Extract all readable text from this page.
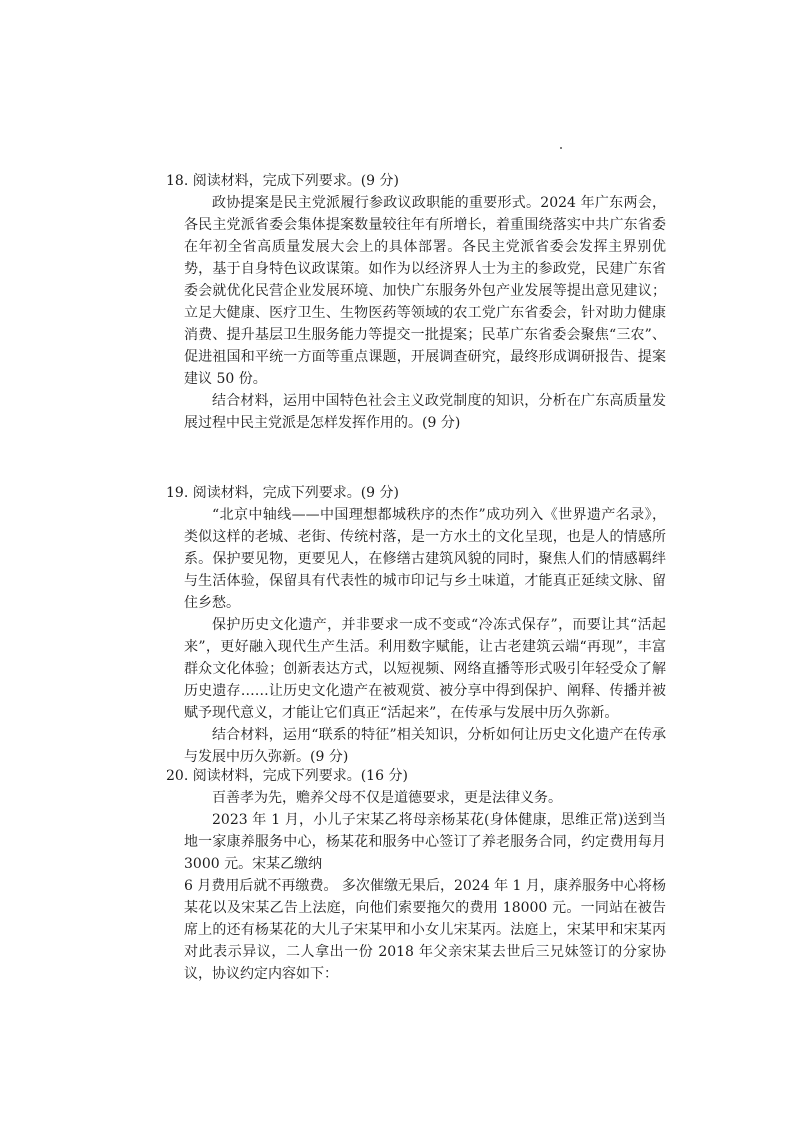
18. 阅读材料，完成下列要求。(9 分)

政协提案是民主党派履行参政议政职能的重要形式。2024 年广东两会，各民主党派省委会集体提案数量较往年有所增长，着重围绕落实中共广东省委在年初全省高质量发展大会上的具体部署。各民主党派省委会发挥主界别优势，基于自身特色议政谋策。如作为以经济界人士为主的参政党，民建广东省委会就优化民营企业发展环境、加快广东服务外包产业发展等提出意见建议；立足大健康、医疗卫生、生物医药等领域的农工党广东省委会，针对助力健康消费、提升基层卫生服务能力等提交一批提案；民革广东省委会聚焦“三农”、促进祖国和平统一方面等重点课题，开展调查研究，最终形成调研报告、提案建议 50 份。

结合材料，运用中国特色社会主义政党制度的知识，分析在广东高质量发展过程中民主党派是怎样发挥作用的。(9 分)

19. 阅读材料，完成下列要求。(9 分)

“北京中轴线——中国理想都城秩序的杰作”成功列入《世界遗产名录》，类似这样的老城、老街、传统村落，是一方水土的文化呈现，也是人的情感所系。保护要见物，更要见人，在修缮古建筑风貌的同时，聚焦人们的情感羁绊与生活体验，保留具有代表性的城市印记与乡土味道，才能真正延续文脉、留住乡愁。

保护历史文化遗产，并非要求一成不变或“冷冻式保存”，而要让其“活起来”，更好融入现代生产生活。利用数字赋能，让古老建筑云端“再现”，丰富群众文化体验；创新表达方式，以短视频、网络直播等形式吸引年轻受众了解历史遗存……让历史文化遗产在被观赏、被分享中得到保护、阐释、传播并被赋予现代意义，才能让它们真正“活起来”，在传承与发展中历久弥新。

结合材料，运用“联系的特征”相关知识，分析如何让历史文化遗产在传承与发展中历久弥新。(9 分)

20. 阅读材料，完成下列要求。(16 分)

百善孝为先，赡养父母不仅是道德要求，更是法律义务。

2023 年 1 月，小儿子宋某乙将母亲杨某花(身体健康，思维正常)送到当地一家康养服务中心，杨某花和服务中心签订了养老服务合同，约定费用每月 3000 元。宋某乙缴纳

6 月费用后就不再缴费。 多次催缴无果后，2024 年 1 月，康养服务中心将杨某花以及宋某乙告上法庭，向他们索要拖欠的费用 18000 元。一同站在被告席上的还有杨某花的大儿子宋某甲和小女儿宋某丙。法庭上，宋某甲和宋某丙对此表示异议，二人拿出一份 2018 年父亲宋某去世后三兄妹签订的分家协议，协议约定内容如下：
